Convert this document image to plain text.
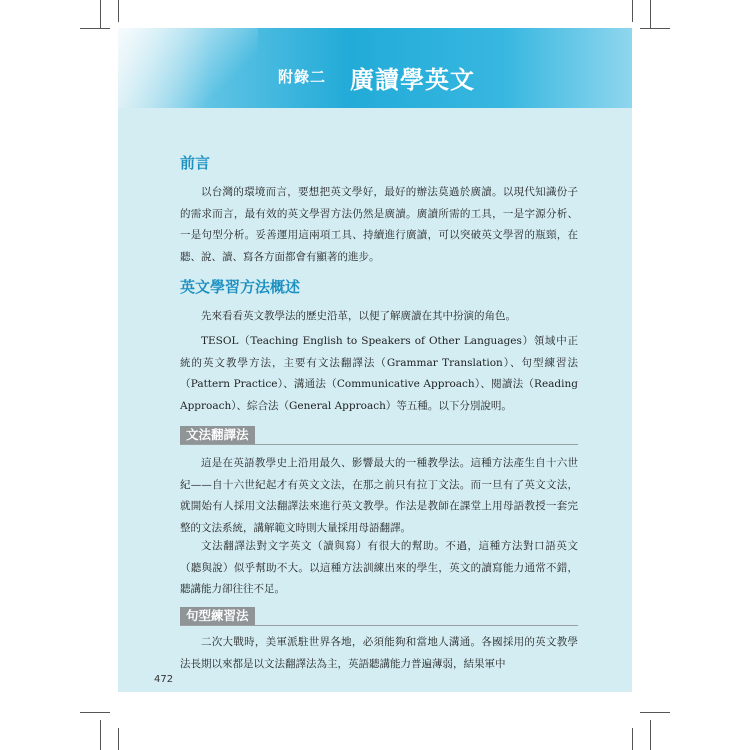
附錄二 廣讀學英文
前言

以台灣的環境而言，要想把英文學好，最好的辦法莫過於廣讀。以現代知識份子的需求而言，最有效的英文學習方法仍然是廣讀。廣讀所需的工具，一是字源分析、一是句型分析。妥善運用這兩項工具、持續進行廣讀，可以突破英文學習的瓶頸，在聽、說、讀、寫各方面都會有顯著的進步。

英文學習方法概述

先來看看英文教學法的歷史沿革，以便了解廣讀在其中扮演的角色。

TESOL（Teaching English to Speakers of Other Languages）領域中正統的英文教學方法，主要有文法翻譯法（Grammar Translation）、句型練習法（Pattern Practice）、溝通法（Communicative Approach）、閱讀法（Reading Approach）、綜合法（General Approach）等五種。以下分別說明。

文法翻譯法

這是在英語教學史上沿用最久、影響最大的一種教學法。這種方法產生自十六世紀——自十六世紀起才有英文文法，在那之前只有拉丁文法。而一旦有了英文文法，就開始有人採用文法翻譯法來進行英文教學。作法是教師在課堂上用母語教授一套完整的文法系統，講解範文時則大量採用母語翻譯。

文法翻譯法對文字英文（讀與寫）有很大的幫助。不過，這種方法對口語英文（聽與說）似乎幫助不大。以這種方法訓練出來的學生，英文的讀寫能力通常不錯，聽講能力卻往往不足。

句型練習法

二次大戰時，美軍派駐世界各地，必須能夠和當地人溝通。各國採用的英文教學法長期以來都是以文法翻譯法為主，英語聽講能力普遍薄弱，結果軍中

472
